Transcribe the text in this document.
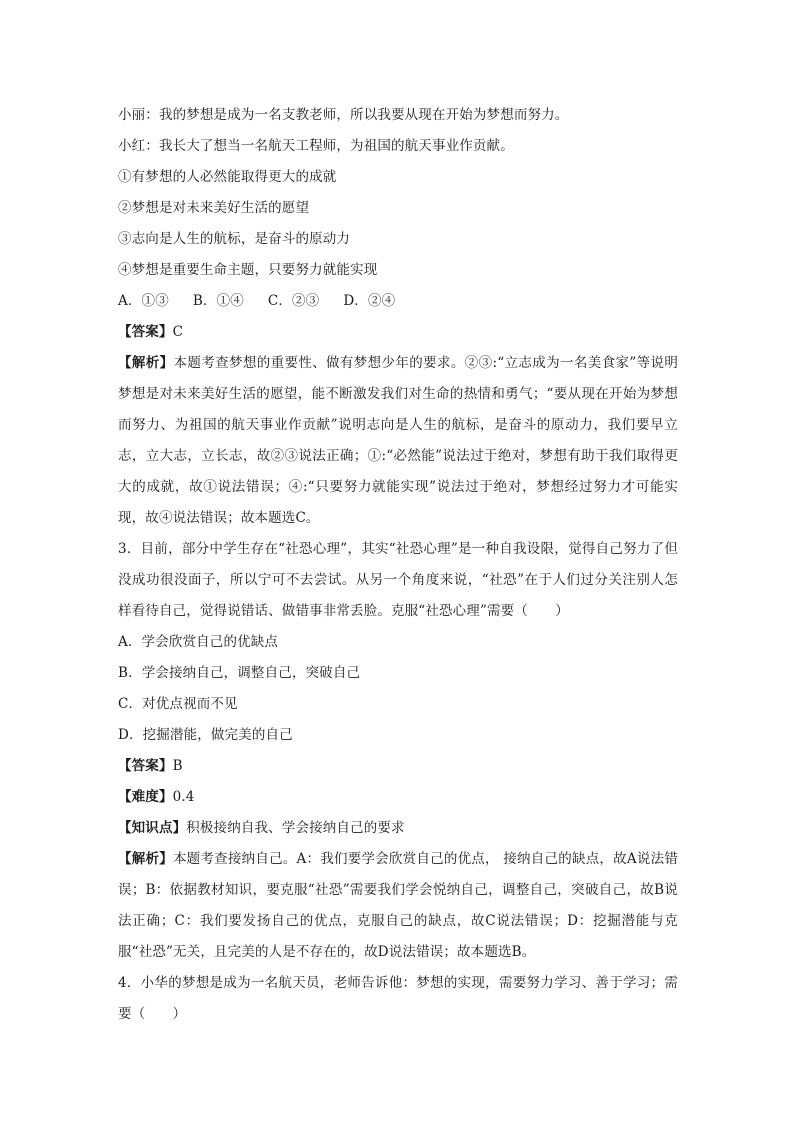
小丽：我的梦想是成为一名支教老师，所以我要从现在开始为梦想而努力。
小红：我长大了想当一名航天工程师，为祖国的航天事业作贡献。
①有梦想的人必然能取得更大的成就
②梦想是对未来美好生活的愿望
③志向是人生的航标，是奋斗的原动力
④梦想是重要生命主题，只要努力就能实现
A．①③ B．①④ C．②③ D．②④
【答案】C
【解析】本题考查梦想的重要性、做有梦想少年的要求。②③:“立志成为一名美食家”等说明梦想是对未来美好生活的愿望，能不断激发我们对生命的热情和勇气；“要从现在开始为梦想而努力、为祖国的航天事业作贡献”说明志向是人生的航标，是奋斗的原动力，我们要早立志，立大志，立长志，故②③说法正确；①:“必然能”说法过于绝对，梦想有助于我们取得更大的成就，故①说法错误；④:“只要努力就能实现”说法过于绝对，梦想经过努力才可能实现，故④说法错误；故本题选C。
3．目前，部分中学生存在“社恐心理”，其实“社恐心理”是一种自我设限，觉得自己努力了但没成功很没面子，所以宁可不去尝试。从另一个角度来说，“社恐”在于人们过分关注别人怎样看待自己，觉得说错话、做错事非常丢脸。克服“社恐心理”需要（　　）
A．学会欣赏自己的优缺点
B．学会接纳自己，调整自己，突破自己
C．对优点视而不见
D．挖掘潜能，做完美的自己
【答案】B
【难度】0.4
【知识点】积极接纳自我、学会接纳自己的要求
【解析】本题考查接纳自己。A：我们要学会欣赏自己的优点， 接纳自己的缺点，故A说法错误；B：依据教材知识，要克服“社恐”需要我们学会悦纳自己，调整自己，突破自己，故B说法正确；C：我们要发扬自己的优点，克服自己的缺点，故C说法错误；D：挖掘潜能与克服“社恐”无关，且完美的人是不存在的，故D说法错误；故本题选B。
4．小华的梦想是成为一名航天员，老师告诉他：梦想的实现，需要努力学习、善于学习；需要（　　）
